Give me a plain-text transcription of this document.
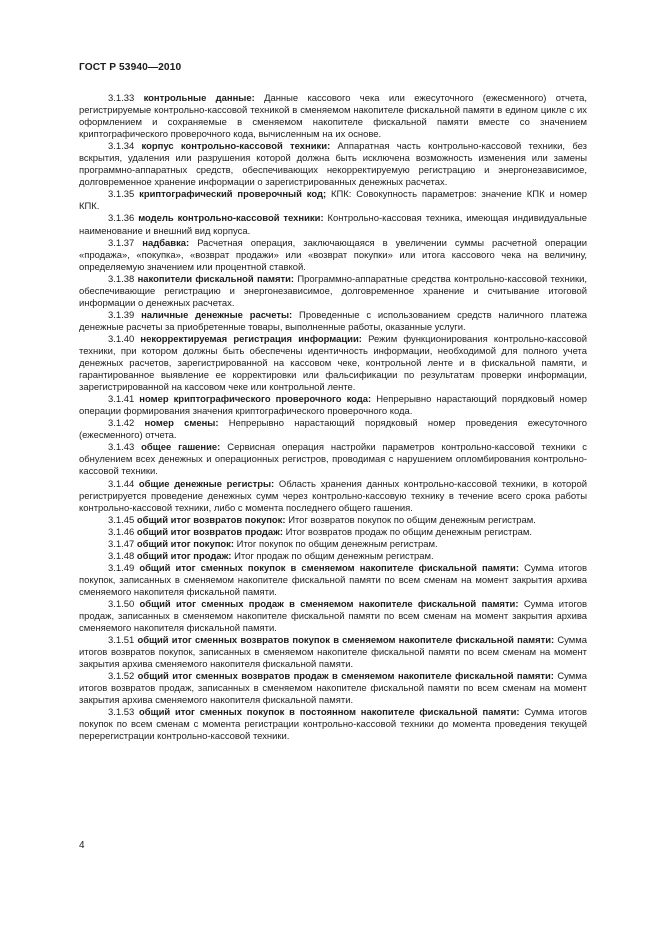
ГОСТ Р 53940—2010

3.1.33 контрольные данные: Данные кассового чека или ежесуточного (ежесменного) отчета, регистрируемые контрольно-кассовой техникой в сменяемом накопителе фискальной памяти в едином цикле с их оформлением и сохраняемые в сменяемом накопителе фискальной памяти вместе со значением криптографического проверочного кода, вычисленным на их основе.

3.1.34 корпус контрольно-кассовой техники: Аппаратная часть контрольно-кассовой техники, без вскрытия, удаления или разрушения которой должна быть исключена возможность изменения или замены программно-аппаратных средств, обеспечивающих некорректируемую регистрацию и энергонезависимое, долговременное хранение информации о зарегистрированных денежных расчетах.

3.1.35 криптографический проверочный код; КПК: Совокупность параметров: значение КПК и номер КПК.

3.1.36 модель контрольно-кассовой техники: Контрольно-кассовая техника, имеющая индивидуальные наименование и внешний вид корпуса.

3.1.37 надбавка: Расчетная операция, заключающаяся в увеличении суммы расчетной операции «продажа», «покупка», «возврат продажи» или «возврат покупки» или итога кассового чека на величину, определяемую значением или процентной ставкой.

3.1.38 накопители фискальной памяти: Программно-аппаратные средства контрольно-кассовой техники, обеспечивающие регистрацию и энергонезависимое, долговременное хранение и считывание итоговой информации о денежных расчетах.

3.1.39 наличные денежные расчеты: Проведенные с использованием средств наличного платежа денежные расчеты за приобретенные товары, выполненные работы, оказанные услуги.

3.1.40 некорректируемая регистрация информации: Режим функционирования контрольно-кассовой техники, при котором должны быть обеспечены идентичность информации, необходимой для полного учета денежных расчетов, зарегистрированной на кассовом чеке, контрольной ленте и в фискальной памяти, и гарантированное выявление ее корректировки или фальсификации по результатам проверки информации, зарегистрированной на кассовом чеке или контрольной ленте.

3.1.41 номер криптографического проверочного кода: Непрерывно нарастающий порядковый номер операции формирования значения криптографического проверочного кода.

3.1.42 номер смены: Непрерывно нарастающий порядковый номер проведения ежесуточного (ежесменного) отчета.

3.1.43 общее гашение: Сервисная операция настройки параметров контрольно-кассовой техники с обнулением всех денежных и операционных регистров, проводимая с нарушением опломбирования контрольно-кассовой техники.

3.1.44 общие денежные регистры: Область хранения данных контрольно-кассовой техники, в которой регистрируется проведение денежных сумм через контрольно-кассовую технику в течение всего срока работы контрольно-кассовой техники, либо с момента последнего общего гашения.

3.1.45 общий итог возвратов покупок: Итог возвратов покупок по общим денежным регистрам.

3.1.46 общий итог возвратов продаж: Итог возвратов продаж по общим денежным регистрам.

3.1.47 общий итог покупок: Итог покупок по общим денежным регистрам.

3.1.48 общий итог продаж: Итог продаж по общим денежным регистрам.

3.1.49 общий итог сменных покупок в сменяемом накопителе фискальной памяти: Сумма итогов покупок, записанных в сменяемом накопителе фискальной памяти по всем сменам на момент закрытия архива сменяемого накопителя фискальной памяти.

3.1.50 общий итог сменных продаж в сменяемом накопителе фискальной памяти: Сумма итогов продаж, записанных в сменяемом накопителе фискальной памяти по всем сменам на момент закрытия архива сменяемого накопителя фискальной памяти.

3.1.51 общий итог сменных возвратов покупок в сменяемом накопителе фискальной памяти: Сумма итогов возвратов покупок, записанных в сменяемом накопителе фискальной памяти по всем сменам на момент закрытия архива сменяемого накопителя фискальной памяти.

3.1.52 общий итог сменных возвратов продаж в сменяемом накопителе фискальной памяти: Сумма итогов возвратов продаж, записанных в сменяемом накопителе фискальной памяти по всем сменам на момент закрытия архива сменяемого накопителя фискальной памяти.

3.1.53 общий итог сменных покупок в постоянном накопителе фискальной памяти: Сумма итогов покупок по всем сменам с момента регистрации контрольно-кассовой техники до момента проведения текущей перерегистрации контрольно-кассовой техники.

4
